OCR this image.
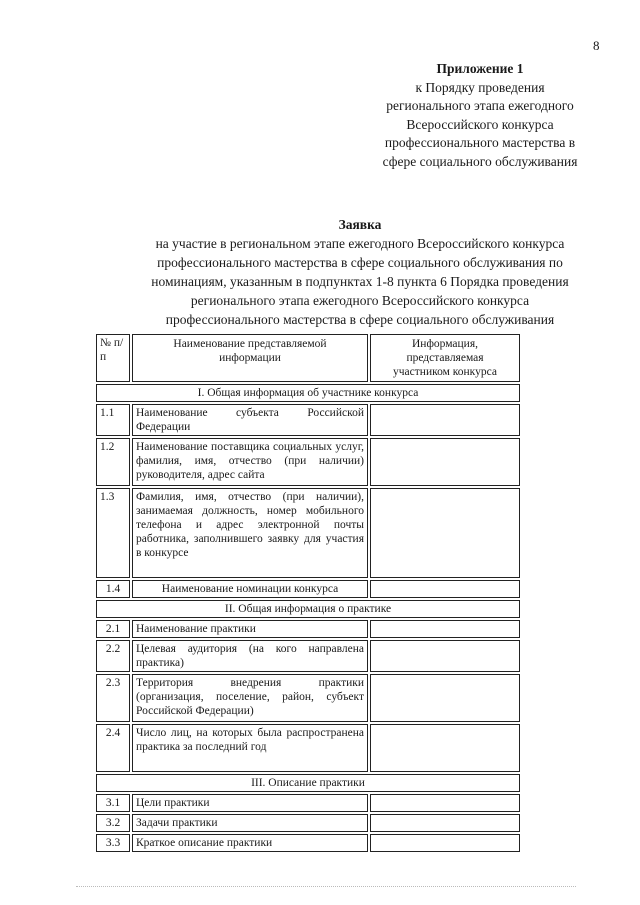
8
Приложение 1
к Порядку проведения
регионального этапа ежегодного
Всероссийского конкурса
профессионального мастерства в
сфере социального обслуживания
Заявка
на участие в региональном этапе ежегодного Всероссийского конкурса
профессионального мастерства в сфере социального обслуживания по
номинациям, указанным в подпунктах 1-8 пункта 6 Порядка проведения
регионального этапа ежегодного Всероссийского конкурса
профессионального мастерства в сфере социального обслуживания
№ п/п	Наименование представляемой информации	Информация, представляемая участником конкурса
I. Общая информация об участнике конкурса		
1.1	Наименование субъекта Российской Федерации	
1.2	Наименование поставщика социальных услуг, фамилия, имя, отчество (при наличии) руководителя, адрес сайта	
1.3	Фамилия, имя, отчество (при наличии), занимаемая должность, номер мобильного телефона и адрес электронной почты работника, заполнившего заявку для участия в конкурсе	
1.4	Наименование номинации конкурса	
II. Общая информация о практике		
2.1	Наименование практики	
2.2	Целевая аудитория (на кого направлена практика)	
2.3	Территория внедрения практики (организация, поселение, район, субъект Российской Федерации)	
2.4	Число лиц, на которых была распространена практика за последний год	
III. Описание практики		
3.1	Цели практики	
3.2	Задачи практики	
3.3	Краткое описание практики	
